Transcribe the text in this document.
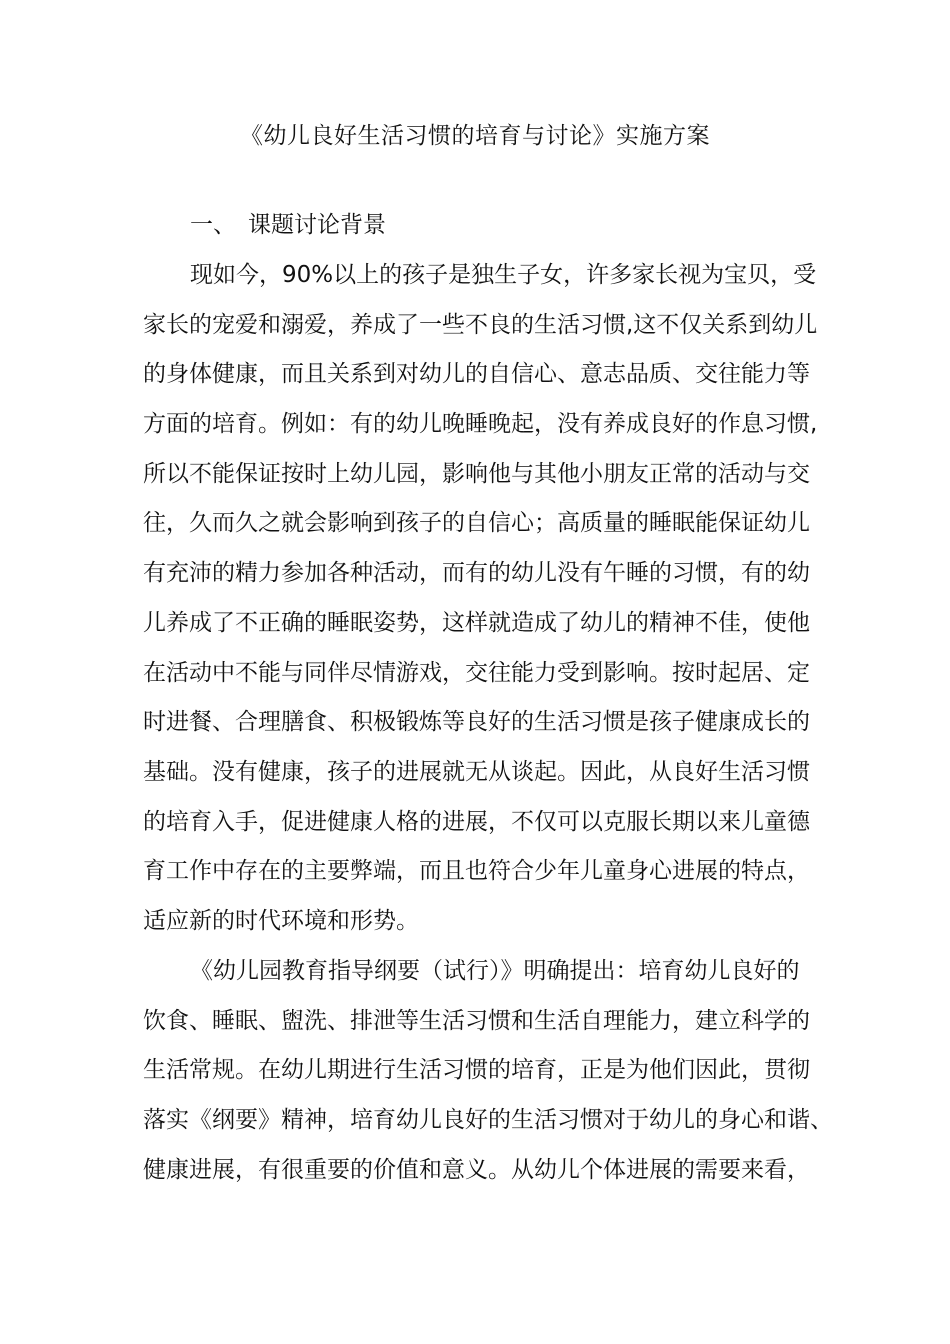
《幼儿良好生活习惯的培育与讨论》实施方案
一、 课题讨论背景
现如今，90%以上的孩子是独生子女，许多家长视为宝贝，受
家长的宠爱和溺爱，养成了一些不良的生活习惯,这不仅关系到幼儿
的身体健康，而且关系到对幼儿的自信心、意志品质、交往能力等
方面的培育。例如：有的幼儿晚睡晚起，没有养成良好的作息习惯,
所以不能保证按时上幼儿园，影响他与其他小朋友正常的活动与交
往，久而久之就会影响到孩子的自信心；高质量的睡眠能保证幼儿
有充沛的精力参加各种活动，而有的幼儿没有午睡的习惯，有的幼
儿养成了不正确的睡眠姿势，这样就造成了幼儿的精神不佳，使他
在活动中不能与同伴尽情游戏，交往能力受到影响。按时起居、定
时进餐、合理膳食、积极锻炼等良好的生活习惯是孩子健康成长的
基础。没有健康，孩子的进展就无从谈起。因此，从良好生活习惯
的培育入手，促进健康人格的进展，不仅可以克服长期以来儿童德
育工作中存在的主要弊端，而且也符合少年儿童身心进展的特点，
适应新的时代环境和形势。
《幼儿园教育指导纲要（试行）》明确提出：培育幼儿良好的
饮食、睡眠、盥洗、排泄等生活习惯和生活自理能力，建立科学的
生活常规。在幼儿期进行生活习惯的培育，正是为他们因此，贯彻
落实《纲要》精神，培育幼儿良好的生活习惯对于幼儿的身心和谐、
健康进展，有很重要的价值和意义。从幼儿个体进展的需要来看，
